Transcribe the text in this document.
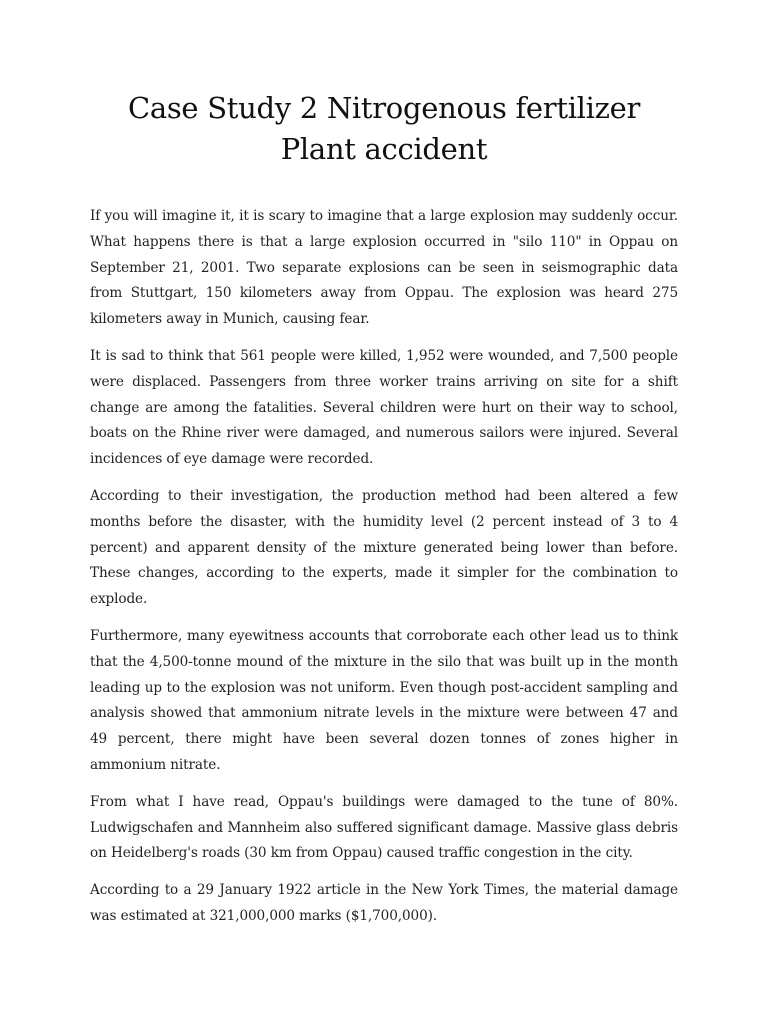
Case Study 2 Nitrogenous fertilizer Plant accident

If you will imagine it, it is scary to imagine that a large explosion may suddenly occur. What happens there is that a large explosion occurred in "silo 110" in Oppau on September 21, 2001. Two separate explosions can be seen in seismographic data from Stuttgart, 150 kilometers away from Oppau. The explosion was heard 275 kilometers away in Munich, causing fear.

It is sad to think that 561 people were killed, 1,952 were wounded, and 7,500 people were displaced. Passengers from three worker trains arriving on site for a shift change are among the fatalities. Several children were hurt on their way to school, boats on the Rhine river were damaged, and numerous sailors were injured. Several incidences of eye damage were recorded.

According to their investigation, the production method had been altered a few months before the disaster, with the humidity level (2 percent instead of 3 to 4 percent) and apparent density of the mixture generated being lower than before. These changes, according to the experts, made it simpler for the combination to explode.

Furthermore, many eyewitness accounts that corroborate each other lead us to think that the 4,500-tonne mound of the mixture in the silo that was built up in the month leading up to the explosion was not uniform. Even though post-accident sampling and analysis showed that ammonium nitrate levels in the mixture were between 47 and 49 percent, there might have been several dozen tonnes of zones higher in ammonium nitrate.

From what I have read, Oppau's buildings were damaged to the tune of 80%. Ludwigschafen and Mannheim also suffered significant damage. Massive glass debris on Heidelberg's roads (30 km from Oppau) caused traffic congestion in the city.

According to a 29 January 1922 article in the New York Times, the material damage was estimated at 321,000,000 marks ($1,700,000).
